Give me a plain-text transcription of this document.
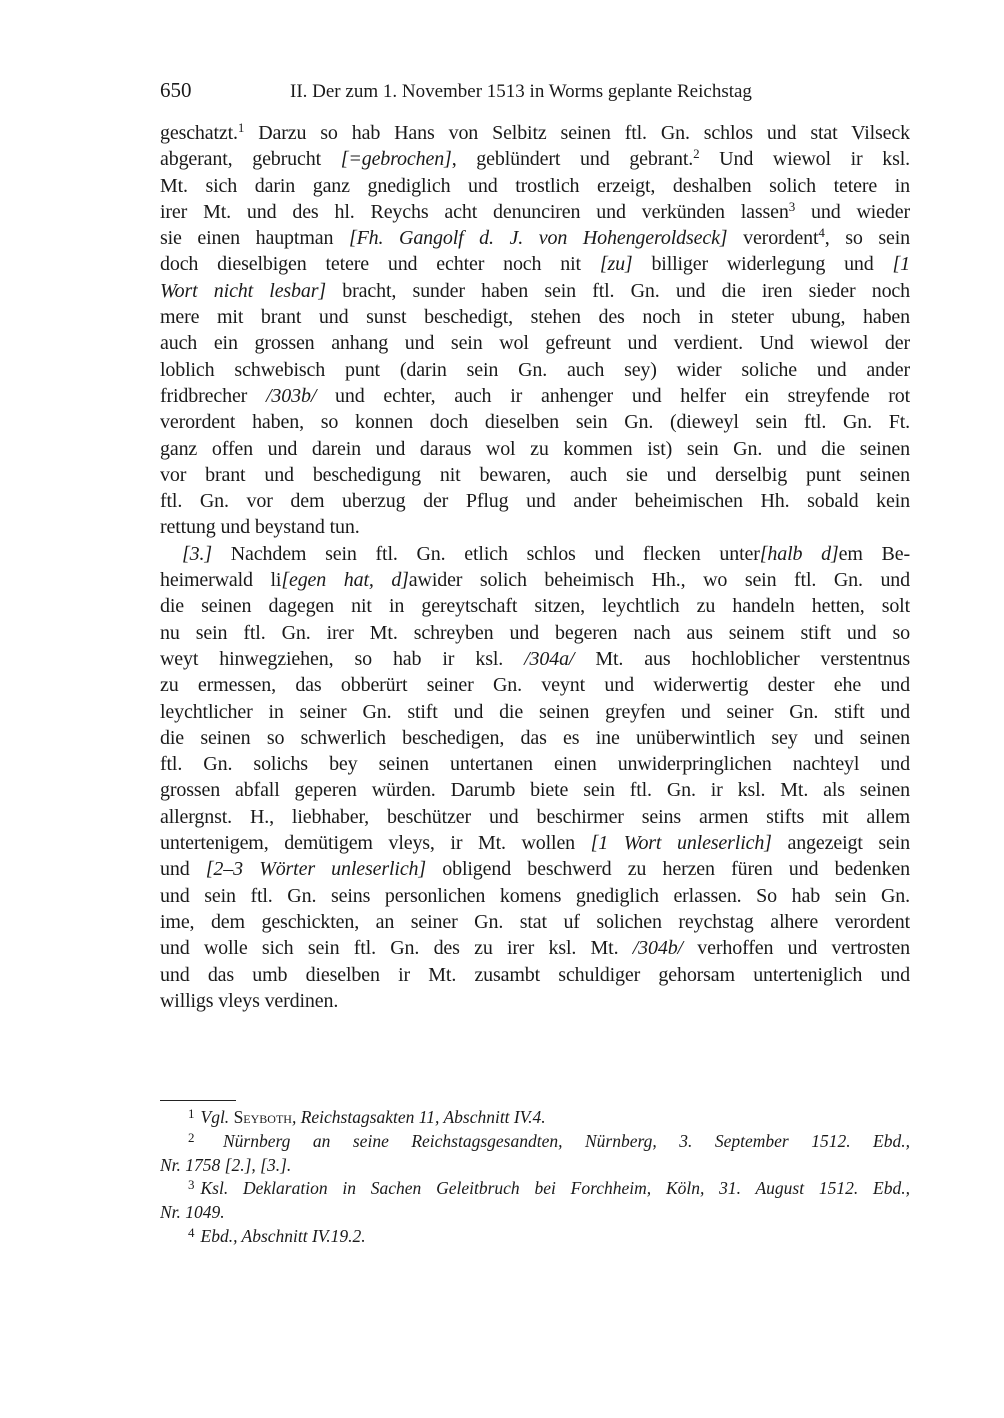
650	II. Der zum 1. November 1513 in Worms geplante Reichstag
geschatzt.$^1$ Darzu so hab Hans von Selbitz seinen ftl. Gn. schlos und stat Vilseck
abgerant, gebrucht [=gebrochen], geblündert und gebrant.$^2$ Und wiewol ir ksl.
Mt. sich darin ganz gnediglich und trostlich erzeigt, deshalben solich tetere in
irer Mt. und des hl. Reychs acht denunciren und verkünden lassen$^3$ und wieder
sie einen hauptman [Fh. Gangolf d. J. von Hohengeroldseck] verordent$^4$, so sein
doch dieselbigen tetere und echter noch nit [zu] billiger widerlegung und [1
Wort nicht lesbar] bracht, sunder haben sein ftl. Gn. und die iren sieder noch
mere mit brant und sunst beschedigt, stehen des noch in steter ubung, haben
auch ein grossen anhang und sein wol gefreunt und verdient. Und wiewol der
loblich schwebisch punt (darin sein Gn. auch sey) wider soliche und ander
fridbrecher /303b/ und echter, auch ir anhenger und helfer ein streyfende rot
verordent haben, so konnen doch dieselben sein Gn. (dieweyl sein ftl. Gn. Ft.
ganz offen und darein und daraus wol zu kommen ist) sein Gn. und die seinen
vor brant und beschedigung nit bewaren, auch sie und derselbig punt seinen
ftl. Gn. vor dem uberzug der Pflug und ander beheimischen Hh. sobald kein
rettung und beystand tun.
[3.] Nachdem sein ftl. Gn. etlich schlos und flecken unter[halb d]em Be-
heimerwald li[egen hat, d]awider solich beheimisch Hh., wo sein ftl. Gn. und
die seinen dagegen nit in gereytschaft sitzen, leychtlich zu handeln hetten, solt
nu sein ftl. Gn. irer Mt. schreyben und begeren nach aus seinem stift und so
weyt hinwegziehen, so hab ir ksl. /304a/ Mt. aus hochloblicher verstentnus
zu ermessen, das obberürt seiner Gn. veynt und widerwertig dester ehe und
leychtlicher in seiner Gn. stift und die seinen greyfen und seiner Gn. stift und
die seinen so schwerlich beschedigen, das es ine unüberwintlich sey und seinen
ftl. Gn. solichs bey seinen untertanen einen unwiderpringlichen nachteyl und
grossen abfall geperen würden. Darumb biete sein ftl. Gn. ir ksl. Mt. als seinen
allergnst. H., liebhaber, beschützer und beschirmer seins armen stifts mit allem
untertenigem, demütigem vleys, ir Mt. wollen [1 Wort unleserlich] angezeigt sein
und [2–3 Wörter unleserlich] obligend beschwerd zu herzen füren und bedenken
und sein ftl. Gn. seins personlichen komens gnediglich erlassen. So hab sein Gn.
ime, dem geschickten, an seiner Gn. stat uf solichen reychstag alhere verordent
und wolle sich sein ftl. Gn. des zu irer ksl. Mt. /304b/ verhoffen und vertrosten
und das umb dieselben ir Mt. zusambt schuldiger gehorsam unterteniglich und
willigs vleys verdinen.
$^1$ Vgl. Seyboth, Reichstagsakten 11, Abschnitt IV.4.
$^2$ Nürnberg an seine Reichstagsgesandten, Nürnberg, 3. September 1512. Ebd.,
Nr. 1758 [2.], [3.].
$^3$ Ksl. Deklaration in Sachen Geleitbruch bei Forchheim, Köln, 31. August 1512. Ebd.,
Nr. 1049.
$^4$ Ebd., Abschnitt IV.19.2.
